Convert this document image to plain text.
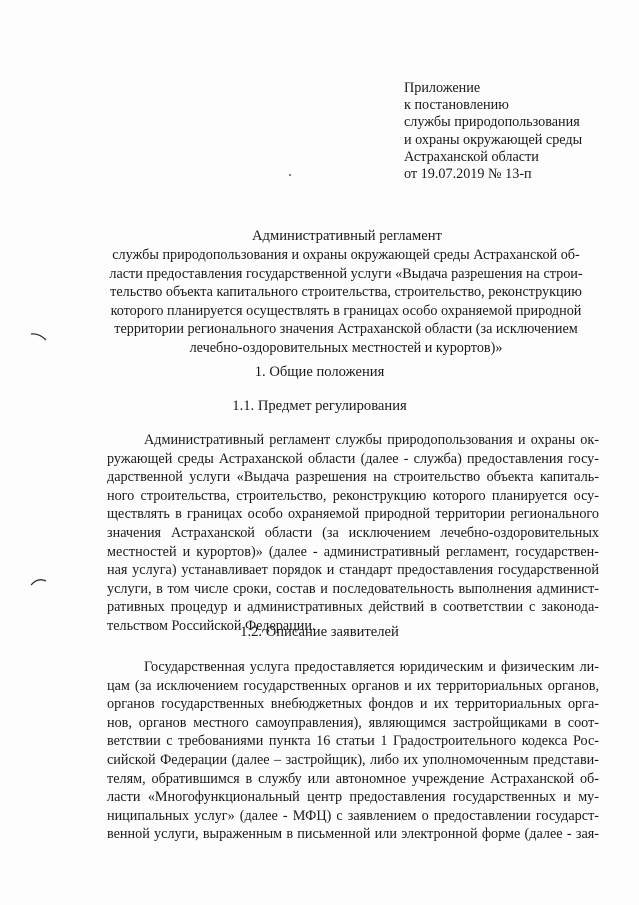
Приложение
к постановлению
службы природопользования
и охраны окружающей среды
Астраханской области
от 19.07.2019 № 13-п
Административный регламент
службы природопользования и охраны окружающей среды Астраханской об-
ласти предоставления государственной услуги «Выдача разрешения на строи-
тельство объекта капитального строительства, строительство, реконструкцию
которого планируется осуществлять в границах особо охраняемой природной
территории регионального значения Астраханской области (за исключением
лечебно-оздоровительных местностей и курортов)»
1. Общие положения
1.1. Предмет регулирования
Административный регламент службы природопользования и охраны ок-
ружающей среды Астраханской области (далее - служба) предоставления госу-
дарственной услуги «Выдача разрешения на строительство объекта капиталь-
ного строительства, строительство, реконструкцию которого планируется осу-
ществлять в границах особо охраняемой природной территории регионального
значения Астраханской области (за исключением лечебно-оздоровительных
местностей и курортов)» (далее - административный регламент, государствен-
ная услуга) устанавливает порядок и стандарт предоставления государственной
услуги, в том числе сроки, состав и последовательность выполнения админист-
ративных процедур и административных действий в соответствии с законода-
тельством Российской Федерации.
1.2. Описание заявителей
Государственная услуга предоставляется юридическим и физическим ли-
цам (за исключением государственных органов и их территориальных органов,
органов государственных внебюджетных фондов и их территориальных орга-
нов, органов местного самоуправления), являющимся застройщиками в соот-
ветствии с требованиями пункта 16 статьи 1 Градостроительного кодекса Рос-
сийской Федерации (далее – застройщик), либо их уполномоченным представи-
телям, обратившимся в службу или автономное учреждение Астраханской об-
ласти «Многофункциональный центр предоставления государственных и му-
ниципальных услуг» (далее - МФЦ) с заявлением о предоставлении государст-
венной услуги, выраженным в письменной или электронной форме (далее - зая-
